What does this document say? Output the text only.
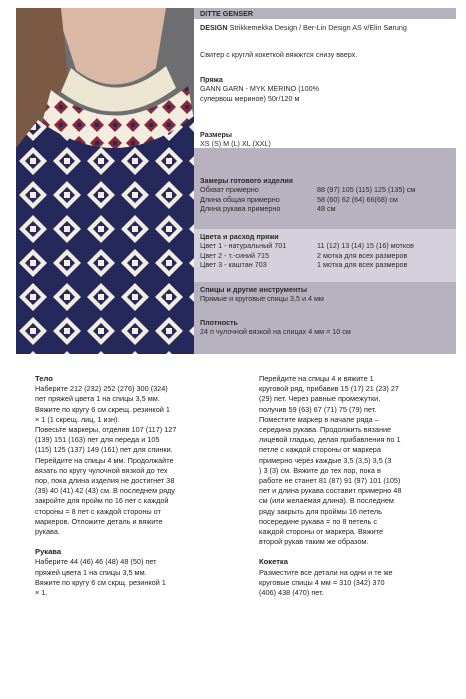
DITTE GENSER
DESIGN Strikkemekka Design / Ber-Lin Design AS v/Elin Sørung
Свитер с круглй кокеткой вяжжтся снизу вверх.
Пряжа
GANN GARN - MYK MERINO (100% супервош мериное) 50г/120 м
Размеры
XS (S) M (L) XL (XXL)
Замеры готового изделия
Обхват примерно	88 (97) 105 (115) 125 (135) см
Длина общая примерно	58 (60) 62 (64) 66(68) см
Длина рукава примерно	48 см
Цвета и расход пряжи
Цвет 1 - натуральный 701	11 (12) 13 (14) 15 (16) мотков
Цвет 2 - т.-синий 715	2 мотка для всех размеров
Цвет 3 - каштан 703	1 мотка для всех размеров
Спицы и другие инструменты
Прямые и круговые спицы 3,5 и 4 мм
Плотность
24 п чулочной вязкой на спицах 4 мм = 10 см

Тело

Наберите 212 (232) 252 (276) 300 (324)

пет пряжей цвета 1 на спицы 3,5 мм.

Вяжите по кругу 6 см скрещ. резинкой 1

× 1 (1 скрещ. лиц, 1 изн).

Повесьте маркеры, отделив 107 (117) 127

(139) 151 (163) пет для переда и 105

(115) 125 (137) 149 (161) пет для спинки.

Перейдите на спицы 4 мм. Продолжайте

вязать по кругу чулочной вязкой до тех

пор, пока длина изделия не достигнет 38

(39) 40 (41) 42 (43) см. В последнем ряду

закройте для пройм по 16 пет с каждой

стороны = 8 пет с каждой стороны от

маркеров. Отложите деталь и вяжите

рукава.

Рукава

Наберите 44 (46) 46 (48) 48 (50) пет

пряжей цвета 1 на спицы 3,5 мм.

Вяжите по кругу 6 см скрщ. резинкой 1

× 1.

Перейдите на спицы 4 и вяжите 1

круговой ряд, прибавив 15 (17) 21 (23) 27

(29) пет. Через равные промежутки,

получив 59 (63) 67 (71) 75 (79) пет.

Поместите маркер в начале ряда –

середина рукава. Продолжить вязание

лицевой гладью, делая прибавления по 1

петле с каждой стороны от маркера

примерно через каждые 3,5 (3,5) 3,5 (3

) 3 (3) см. Вяжите до тех пор, пока в

работе не станет 81 (87) 91 (97) 101 (105)

пет и длина рукава составит примерно 48

см (или желаемая длина). В последнем

ряду закрыть для проймы 16 петель

посередине рукава = по 8 петель с

каждой стороны от маркера. Вяжите

второй рукав таким же образом.

Кокетка

Разместите все детали на одни и те же

круговые спицы 4 мм = 310 (342) 370

(406) 438 (470) пет.
